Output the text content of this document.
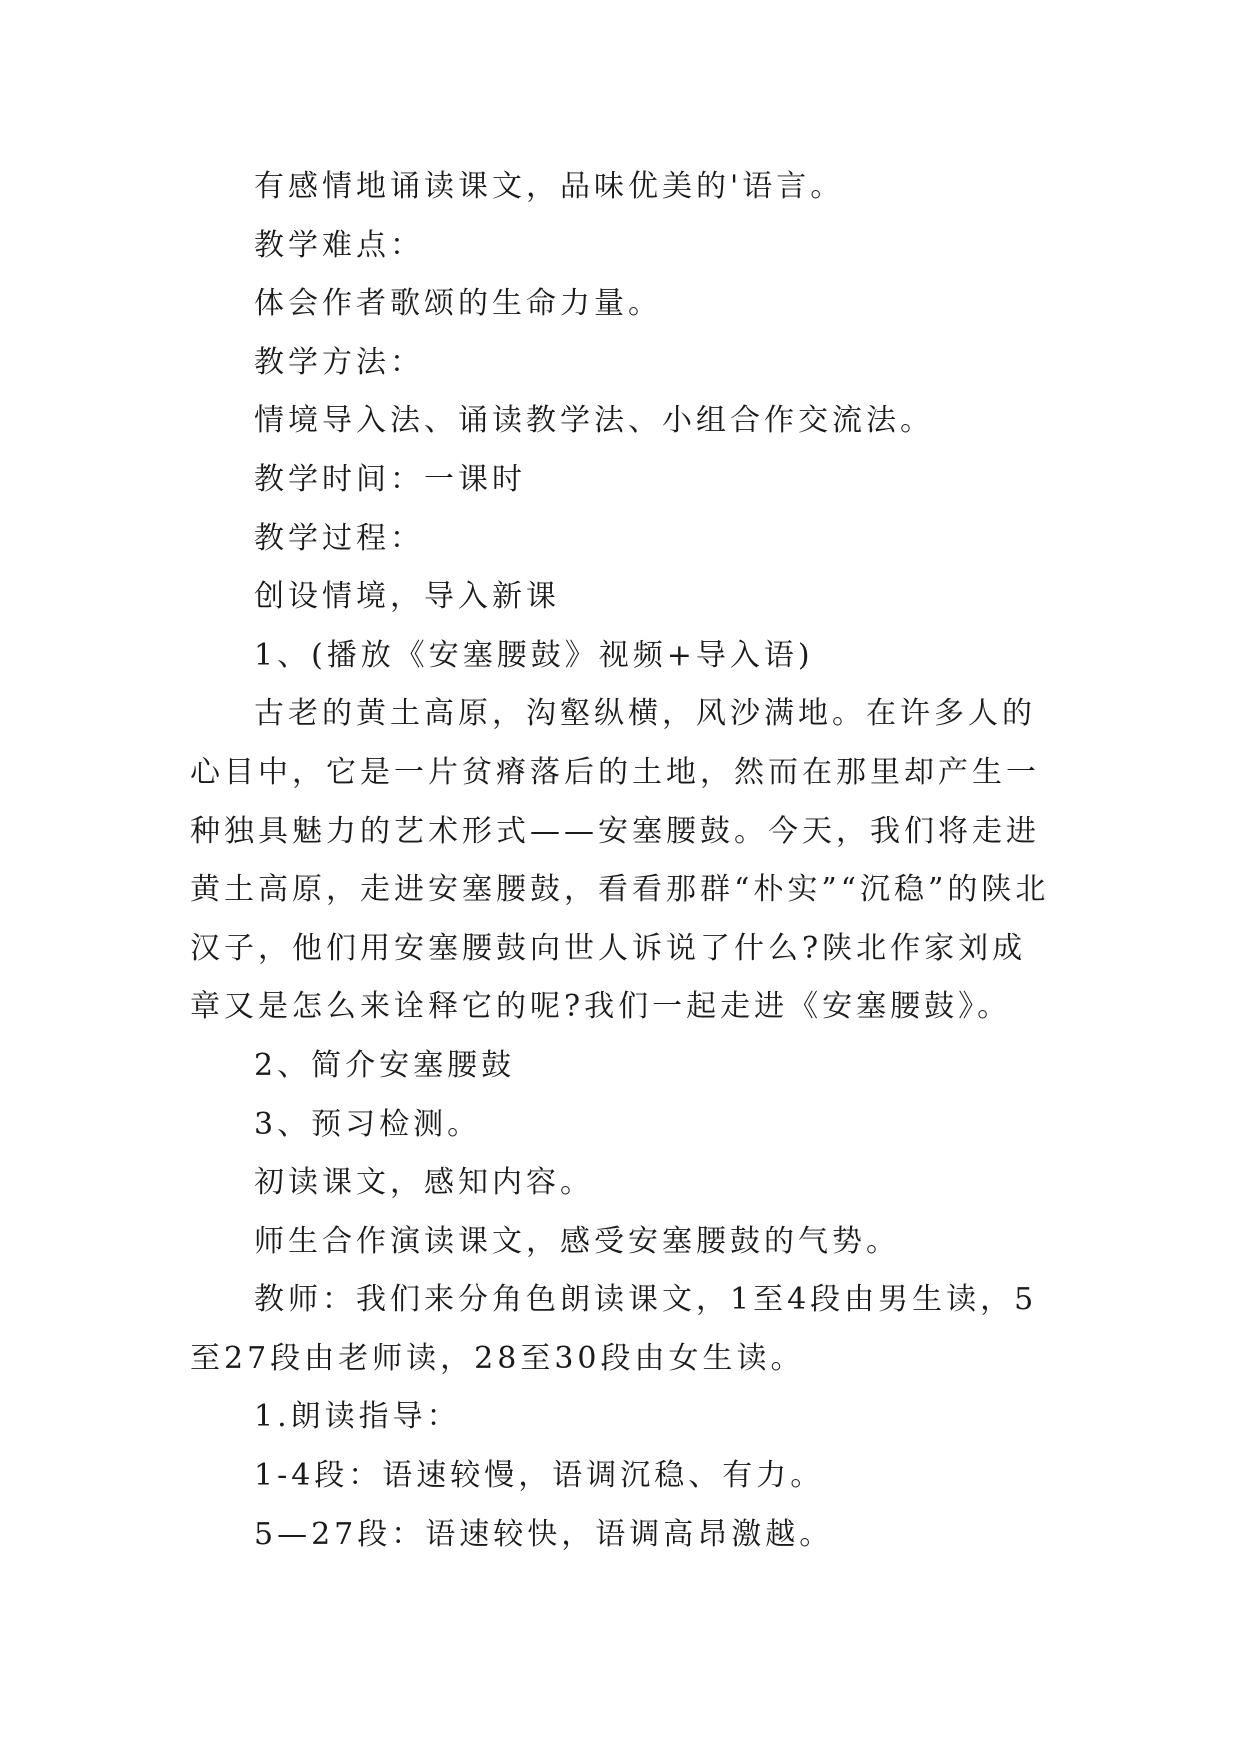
有感情地诵读课文，品味优美的'语言。

教学难点：

体会作者歌颂的生命力量。

教学方法：

情境导入法、诵读教学法、小组合作交流法。

教学时间：一课时

教学过程：

创设情境，导入新课

1、(播放《安塞腰鼓》视频+导入语)

古老的黄土高原，沟壑纵横，风沙满地。在许多人的心目中，它是一片贫瘠落后的土地，然而在那里却产生一种独具魅力的艺术形式——安塞腰鼓。今天，我们将走进黄土高原，走进安塞腰鼓，看看那群“朴实”“沉稳”的陕北汉子，他们用安塞腰鼓向世人诉说了什么?陕北作家刘成章又是怎么来诠释它的呢?我们一起走进《安塞腰鼓》。

2、简介安塞腰鼓

3、预习检测。

初读课文，感知内容。

师生合作演读课文，感受安塞腰鼓的气势。

教师：我们来分角色朗读课文，1至4段由男生读，5至27段由老师读，28至30段由女生读。

1.朗读指导：

1-4段：语速较慢，语调沉稳、有力。

5—27段：语速较快，语调高昂激越。
